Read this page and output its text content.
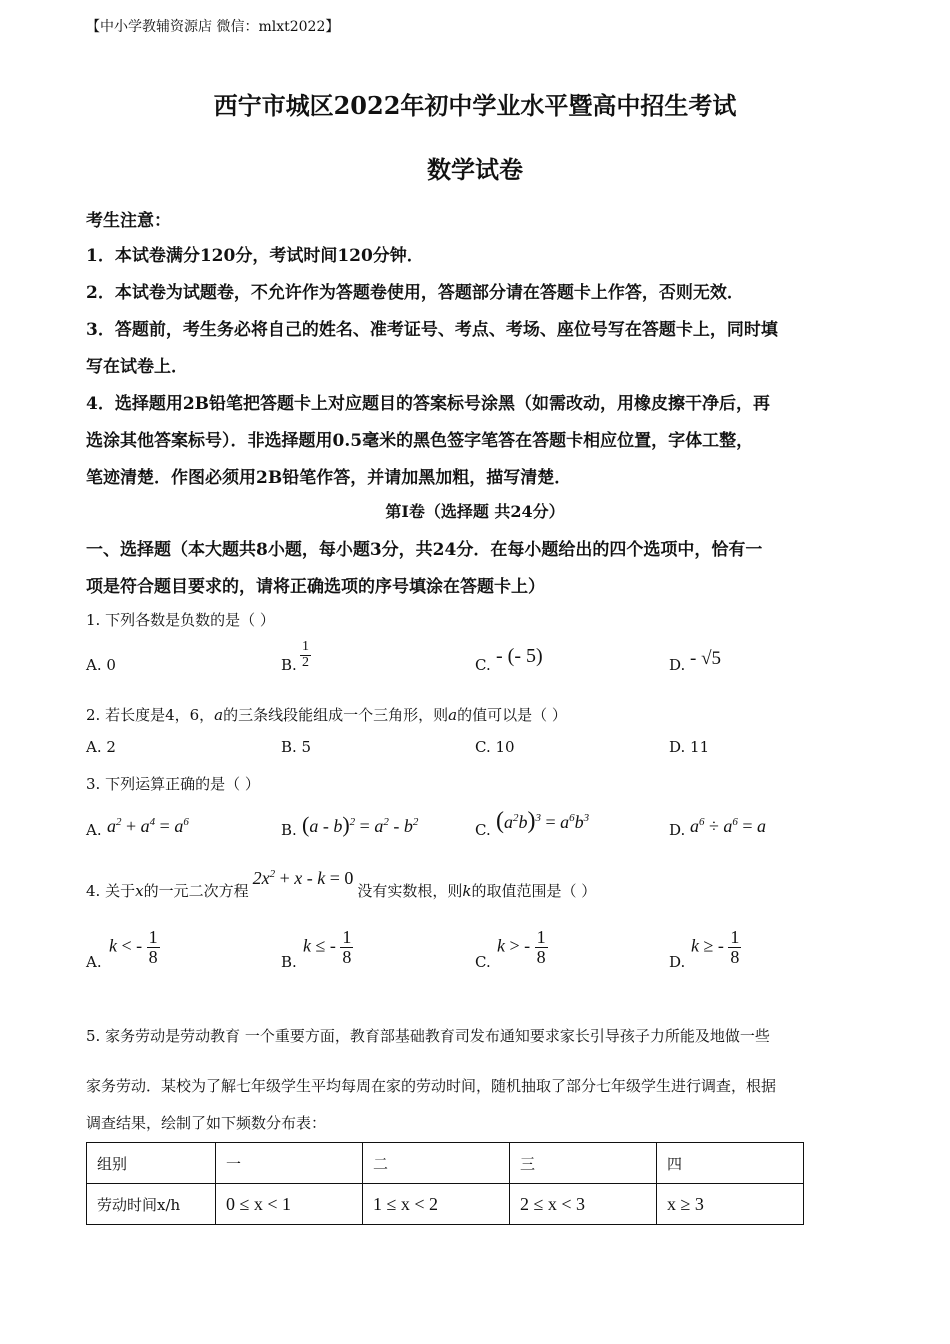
【中小学教辅资源店 微信：mlxt2022】
西宁市城区2022年初中学业水平暨高中招生考试
数学试卷
考生注意：
1．本试卷满分120分，考试时间120分钟．
2．本试卷为试题卷，不允许作为答题卷使用，答题部分请在答题卡上作答，否则无效．
3．答题前，考生务必将自己的姓名、准考证号、考点、考场、座位号写在答题卡上，同时填
写在试卷上．
4．选择题用2B铅笔把答题卡上对应题目的答案标号涂黑（如需改动，用橡皮擦干净后，再
选涂其他答案标号）．非选择题用0.5毫米的黑色签字笔答在答题卡相应位置，字体工整，
笔迹清楚．作图必须用2B铅笔作答，并请加黑加粗，描写清楚．
第Ⅰ卷（选择题 共24分）
一、选择题（本大题共8小题，每小题3分，共24分．在每小题给出的四个选项中，恰有一
项是符合题目要求的，请将正确选项的序号填涂在答题卡上）
1. 下列各数是负数的是（ ）
A. 0	B. $\frac{1}{2}$	C. - (- 5)	D. - √5
2. 若长度是4，6，a的三条线段能组成一个三角形，则a的值可以是（ ）
A. 2	B. 5	C. 10	D. 11
3. 下列运算正确的是（ ）
A. $a^2 + a^4 = a^6$	B. $(a - b)^2 = a^2 - b^2$	C. $(a^2b)^3 = a^6b^3$
D. $a^6 \div a^6 = a$
4. 关于x的一元二次方程$2x^2 + x - k = 0$没有实数根，则k的取值范围是（ ）
A.
k < - $\frac{1}{8}$	B.
k ≤ - $\frac{1}{8}$	C.
k > - $\frac{1}{8}$	D.
k ≥ - $\frac{1}{8}$
5. 家务劳动是劳动教育 一个重要方面，教育部基础教育司发布通知要求家长引导孩子力所能及地做一些
家务劳动．某校为了解七年级学生平均每周在家的劳动时间，随机抽取了部分七年级学生进行调查，根据
调查结果，绘制了如下频数分布表：
组别	一	二	三	四
劳动时间x/h	0 ≤ x < 1	1 ≤ x < 2	2 ≤ x < 3	x ≥ 3
